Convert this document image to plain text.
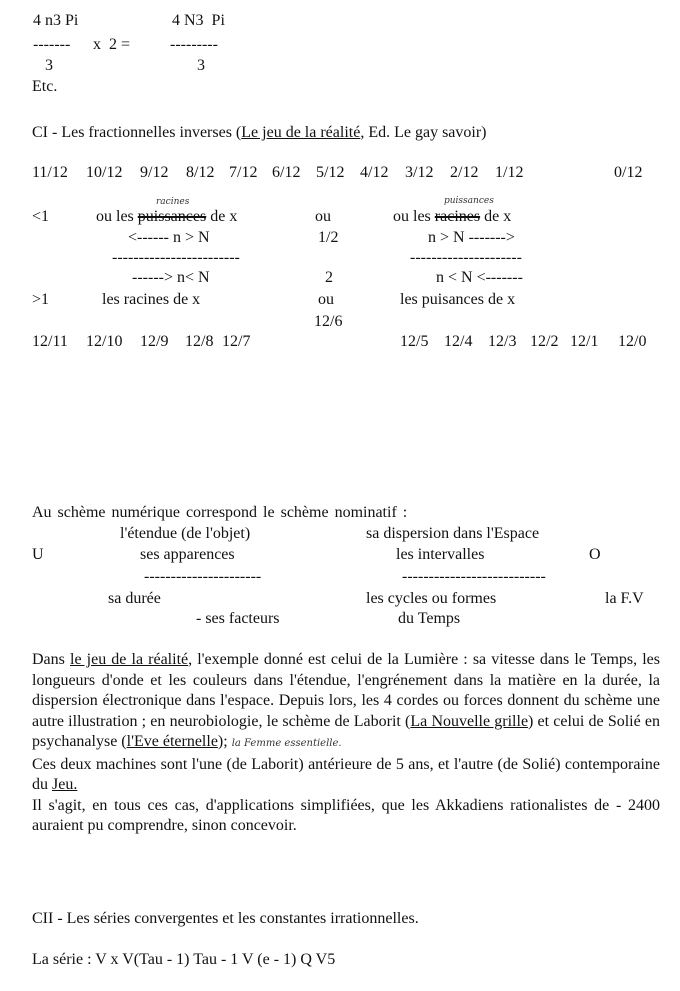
4 n3 Pi	4 N3  Pi
------- x  2 = ---------
3	3
Etc.
CI - Les fractionnelles inverses (Le jeu de la réalité, Ed. Le gay savoir)
11/12 10/12 9/12 8/12 7/12 6/12 5/12 4/12 3/12 2/12 1/12	0/12
racines	puissances
<1	ou les puissances de x	ou	ou les racines de x
<------ n > N	1/2	n > N ------->
------------------------	---------------------
------> n< N	2	n < N <-------
>1	les racines de x	ou	les puisances de x
12/6
12/11 12/10 12/9 12/8 12/7	12/5 12/4 12/3 12/2 12/1 12/0
Au schème numérique correspond le schème nominatif :
l'étendue (de l'objet)	sa dispersion dans l'Espace
U	ses apparences	les intervalles	O
----------------------	---------------------------
sa durée	les cycles ou formes	la F.V
- ses facteurs	du Temps
Dans le jeu de la réalité, l'exemple donné est celui de la Lumière : sa vitesse dans le Temps, les longueurs d'onde et les couleurs dans l'étendue, l'engrénement dans la matière en la durée, la dispersion électronique dans l'espace. Depuis lors, les 4 cordes ou forces donnent du schème une autre illustration ; en neurobiologie, le schème de Laborit (La Nouvelle grille) et celui de Solié en psychanalyse (l'Eve éternelle); la Femme essentielle.
Ces deux machines sont l'une (de Laborit) antérieure de 5 ans, et l'autre (de Solié) contemporaine du Jeu.
Il s'agit, en tous ces cas, d'applications simplifiées, que les Akkadiens rationalistes de - 2400 auraient pu comprendre, sinon concevoir.
CII - Les séries convergentes et les constantes irrationnelles.
La série : V x V(Tau - 1) Tau - 1 V (e - 1) Q V5
